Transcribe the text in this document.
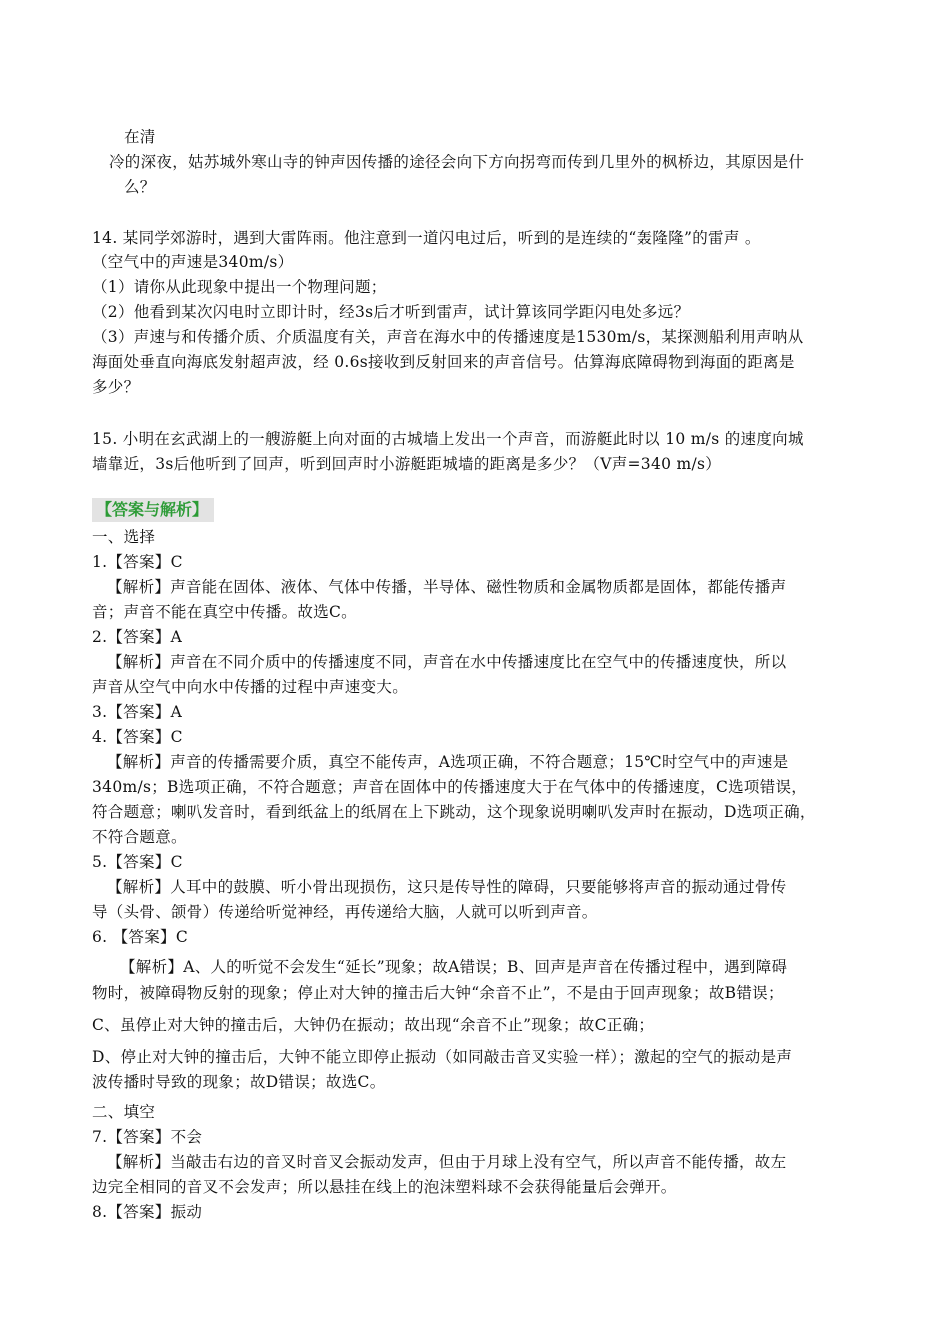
在清
冷的深夜，姑苏城外寒山寺的钟声因传播的途径会向下方向拐弯而传到几里外的枫桥边，其原因是什
么？
14. 某同学郊游时，遇到大雷阵雨。他注意到一道闪电过后，听到的是连续的“轰隆隆”的雷声 。
（空气中的声速是340m/s）
（1）请你从此现象中提出一个物理问题；
（2）他看到某次闪电时立即计时，经3s后才听到雷声，试计算该同学距闪电处多远？
（3）声速与和传播介质、介质温度有关，声音在海水中的传播速度是1530m/s，某探测船利用声呐从
海面处垂直向海底发射超声波，经 0.6s接收到反射回来的声音信号。估算海底障碍物到海面的距离是
多少？
15. 小明在玄武湖上的一艘游艇上向对面的古城墙上发出一个声音，而游艇此时以 10 m/s 的速度向城
墙靠近，3s后他听到了回声，听到回声时小游艇距城墙的距离是多少？（V声=340 m/s）
【答案与解析】
一、选择
1.【答案】C
【解析】声音能在固体、液体、气体中传播，半导体、磁性物质和金属物质都是固体，都能传播声
音；声音不能在真空中传播。故选C。
2.【答案】A
【解析】声音在不同介质中的传播速度不同，声音在水中传播速度比在空气中的传播速度快，所以
声音从空气中向水中传播的过程中声速变大。
3.【答案】A
4.【答案】C
【解析】声音的传播需要介质，真空不能传声，A选项正确，不符合题意；15℃时空气中的声速是
340m/s；B选项正确，不符合题意；声音在固体中的传播速度大于在气体中的传播速度，C选项错误，
符合题意；喇叭发音时，看到纸盆上的纸屑在上下跳动，这个现象说明喇叭发声时在振动，D选项正确，
不符合题意。
5.【答案】C
【解析】人耳中的鼓膜、听小骨出现损伤，这只是传导性的障碍，只要能够将声音的振动通过骨传
导（头骨、颌骨）传递给听觉神经，再传递给大脑，人就可以听到声音。
6. 【答案】C
【解析】A、人的听觉不会发生“延长”现象；故A错误；B、回声是声音在传播过程中，遇到障碍
物时，被障碍物反射的现象；停止对大钟的撞击后大钟“余音不止”，不是由于回声现象；故B错误；
C、虽停止对大钟的撞击后，大钟仍在振动；故出现“余音不止”现象；故C正确；
D、停止对大钟的撞击后，大钟不能立即停止振动（如同敲击音叉实验一样）；激起的空气的振动是声
波传播时导致的现象；故D错误；故选C。
二、填空
7.【答案】不会
【解析】当敲击右边的音叉时音叉会振动发声，但由于月球上没有空气，所以声音不能传播，故左
边完全相同的音叉不会发声；所以悬挂在线上的泡沫塑料球不会获得能量后会弹开。
8.【答案】振动
